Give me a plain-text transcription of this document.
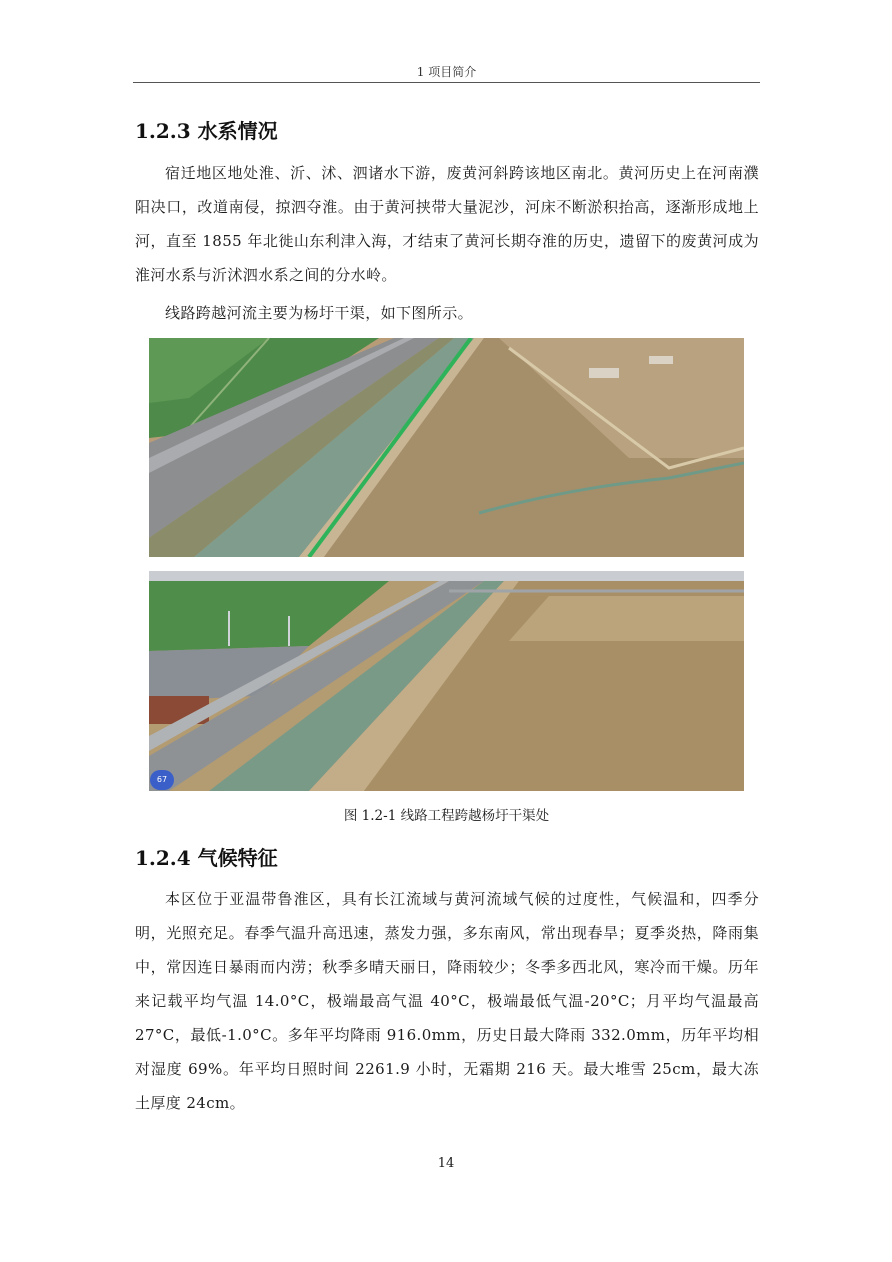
1 项目简介
1.2.3 水系情况

宿迁地区地处淮、沂、沭、泗诸水下游，废黄河斜跨该地区南北。黄河历史上在河南濮阳决口，改道南侵，掠泗夺淮。由于黄河挟带大量泥沙，河床不断淤积抬高，逐渐形成地上河，直至 1855 年北徙山东利津入海，才结束了黄河长期夺淮的历史，遗留下的废黄河成为淮河水系与沂沭泗水系之间的分水岭。

线路跨越河流主要为杨圩干渠，如下图所示。

67
图 1.2-1 线路工程跨越杨圩干渠处
1.2.4 气候特征

本区位于亚温带鲁淮区，具有长江流域与黄河流域气候的过度性，气候温和，四季分明，光照充足。春季气温升高迅速，蒸发力强，多东南风，常出现春旱；夏季炎热，降雨集中，常因连日暴雨而内涝；秋季多晴天丽日，降雨较少；冬季多西北风，寒冷而干燥。历年来记载平均气温 14.0°C，极端最高气温 40°C，极端最低气温-20°C；月平均气温最高 27°C，最低-1.0°C。多年平均降雨 916.0mm，历史日最大降雨 332.0mm，历年平均相对湿度 69%。年平均日照时间 2261.9 小时，无霜期 216 天。最大堆雪 25cm，最大冻土厚度 24cm。

14
